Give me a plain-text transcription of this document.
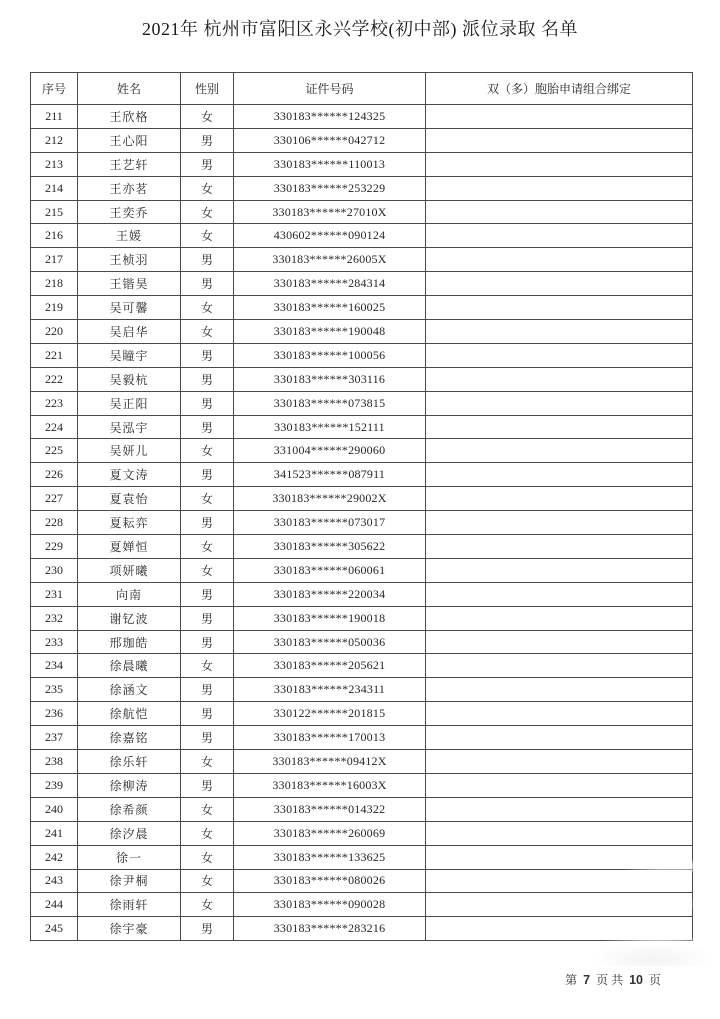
2021年 杭州市富阳区永兴学校(初中部) 派位录取 名单
序号	姓名	性别	证件号码	双（多）胞胎申请组合绑定
211	王欣格	女	330183******124325	
212	王心阳	男	330106******042712	
213	王艺轩	男	330183******110013	
214	王亦茗	女	330183******253229	
215	王奕乔	女	330183******27010X	
216	王媛	女	430602******090124	
217	王桢羽	男	330183******26005X	
218	王锴昊	男	330183******284314	
219	吴可馨	女	330183******160025	
220	吴启华	女	330183******190048	
221	吴瞳宇	男	330183******100056	
222	吴毅杭	男	330183******303116	
223	吴正阳	男	330183******073815	
224	吴泓宇	男	330183******152111	
225	吴妍儿	女	331004******290060	
226	夏文涛	男	341523******087911	
227	夏袁怡	女	330183******29002X	
228	夏耘弈	男	330183******073017	
229	夏婵恒	女	330183******305622	
230	项妍曦	女	330183******060061	
231	向南	男	330183******220034	
232	谢钇波	男	330183******190018	
233	邢珈皓	男	330183******050036	
234	徐晨曦	女	330183******205621	
235	徐涵文	男	330183******234311	
236	徐航恺	男	330122******201815	
237	徐嘉铭	男	330183******170013	
238	徐乐轩	女	330183******09412X	
239	徐柳涛	男	330183******16003X	
240	徐希颜	女	330183******014322	
241	徐汐晨	女	330183******260069	
242	徐一	女	330183******133625	
243	徐尹桐	女	330183******080026	
244	徐雨轩	女	330183******090028	
245	徐宇豪	男	330183******283216	
第 7 页 共 10 页
